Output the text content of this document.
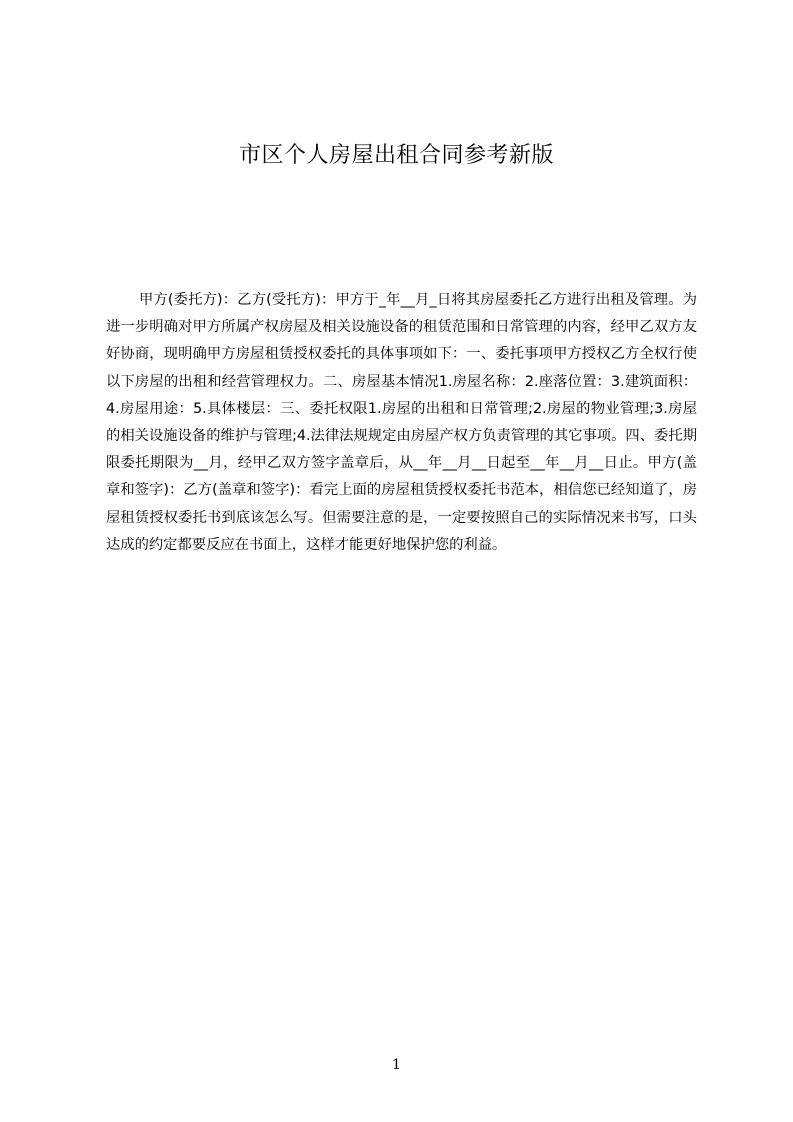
市区个人房屋出租合同参考新版

甲方(委托方)：乙方(受托方)：甲方于_年__月_日将其房屋委托乙方进行出租及管理。为进一步明确对甲方所属产权房屋及相关设施设备的租赁范围和日常管理的内容，经甲乙双方友好协商，现明确甲方房屋租赁授权委托的具体事项如下：一、委托事项甲方授权乙方全权行使以下房屋的出租和经营管理权力。二、房屋基本情况1.房屋名称：2.座落位置：3.建筑面积：4.房屋用途：5.具体楼层：三、委托权限1.房屋的出租和日常管理;2.房屋的物业管理;3.房屋的相关设施设备的维护与管理;4.法律法规规定由房屋产权方负责管理的其它事项。四、委托期限委托期限为__月，经甲乙双方签字盖章后，从__年__月__日起至__年__月__日止。甲方(盖章和签字)：乙方(盖章和签字)：看完上面的房屋租赁授权委托书范本，相信您已经知道了，房屋租赁授权委托书到底该怎么写。但需要注意的是，一定要按照自己的实际情况来书写，口头达成的约定都要反应在书面上，这样才能更好地保护您的利益。

1
